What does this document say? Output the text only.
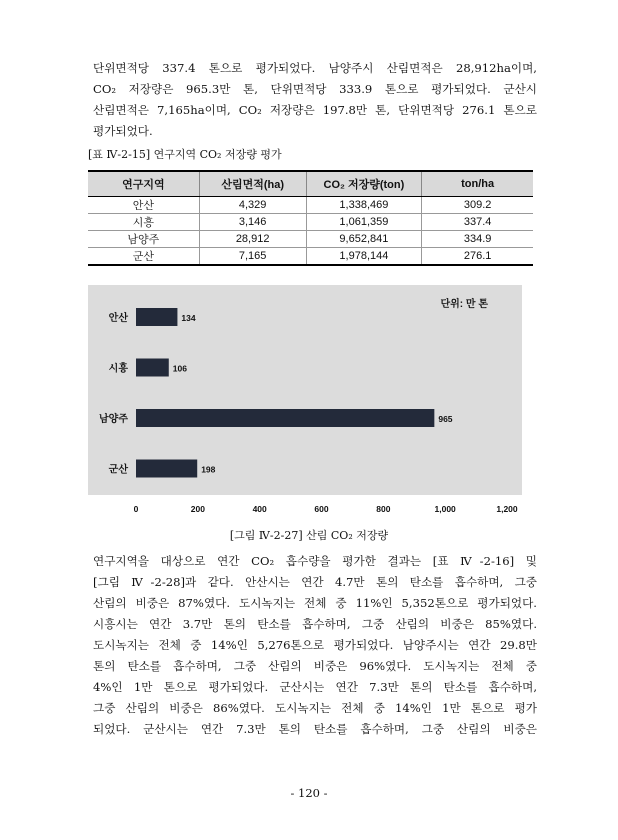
단위면적당 337.4 톤으로 평가되었다. 남양주시 산림면적은 28,912ha이며,
CO₂ 저장량은 965.3만 톤, 단위면적당 333.9 톤으로 평가되었다. 군산시
산림면적은 7,165ha이며, CO₂ 저장량은 197.8만 톤, 단위면적당 276.1 톤으로
평가되었다.
[표 Ⅳ-2-15] 연구지역 CO₂ 저장량 평가
연구지역	산림면적(ha)	CO₂ 저장량(ton)	ton/ha
안산	4,329	1,338,469	309.2
시흥	3,146	1,061,359	337.4
남양주	28,912	9,652,841	334.9
군산	7,165	1,978,144	276.1
단위: 만 톤
안산	134
시흥	106
남양주	965
군산	198
0	200	400	600	800	1,000	1,200
[그림 Ⅳ-2-27] 산림 CO₂ 저장량
연구지역을 대상으로 연간 CO₂ 흡수량을 평가한 결과는 [표 Ⅳ-2-16] 및
[그림 Ⅳ-2-28]과 같다. 안산시는 연간 4.7만 톤의 탄소를 흡수하며, 그중
산림의 비중은 87%였다. 도시녹지는 전체 중 11%인 5,352톤으로 평가되었다.
시흥시는 연간 3.7만 톤의 탄소를 흡수하며, 그중 산림의 비중은 85%였다.
도시녹지는 전체 중 14%인 5,276톤으로 평가되었다. 남양주시는 연간 29.8만
톤의 탄소를 흡수하며, 그중 산림의 비중은 96%였다. 도시녹지는 전체 중
4%인 1만 톤으로 평가되었다. 군산시는 연간 7.3만 톤의 탄소를 흡수하며,
그중 산림의 비중은 86%였다. 도시녹지는 전체 중 14%인 1만 톤으로 평가
되었다. 군산시는 연간 7.3만 톤의 탄소를 흡수하며, 그중 산림의 비중은
- 120 -
